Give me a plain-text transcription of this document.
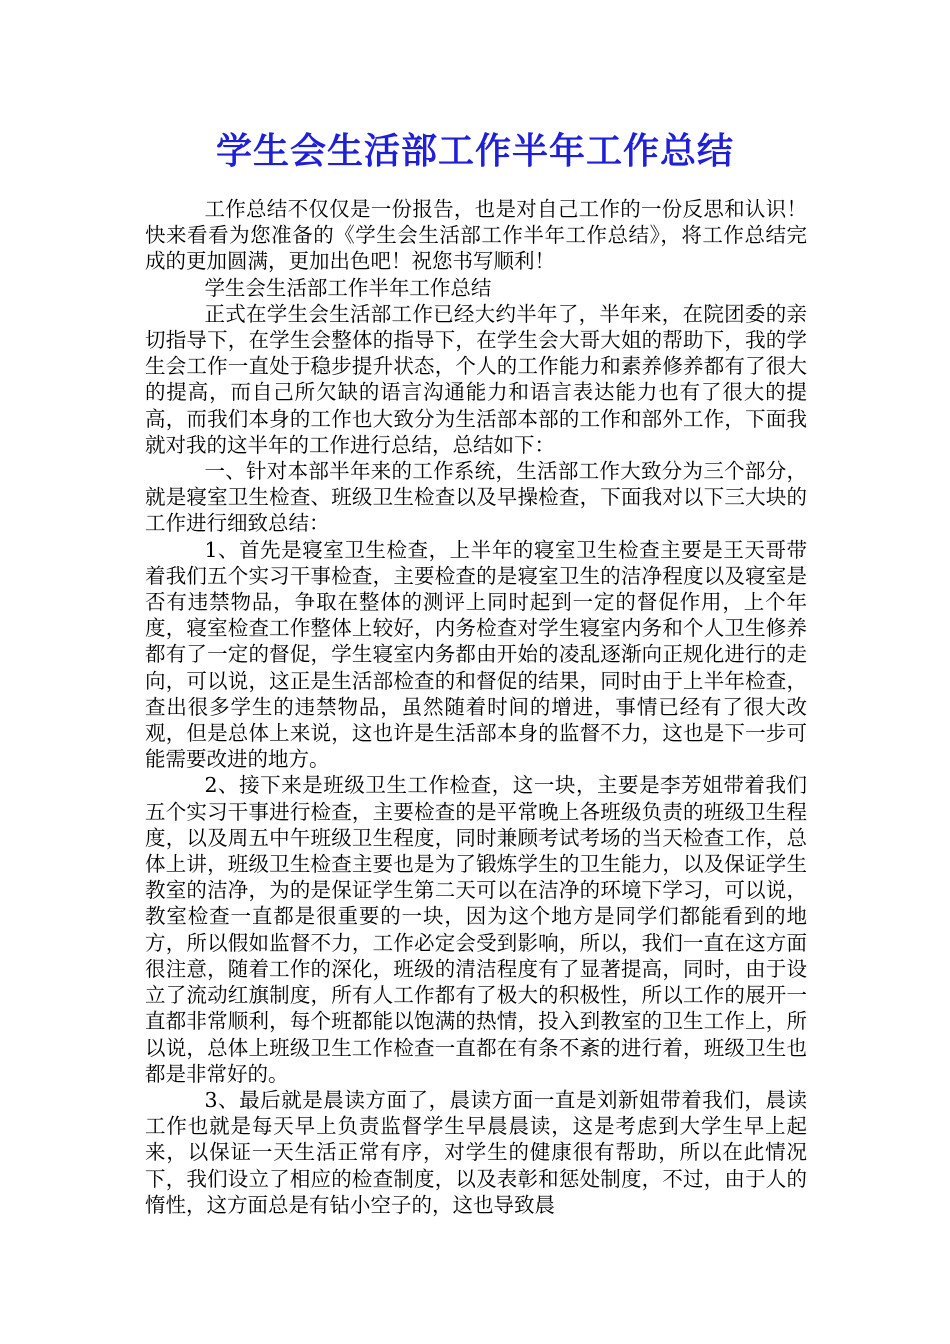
学生会生活部工作半年工作总结

工作总结不仅仅是一份报告，也是对自己工作的一份反思和认识！快来看看为您准备的《学生会生活部工作半年工作总结》，将工作总结完成的更加圆满，更加出色吧！祝您书写顺利！

学生会生活部工作半年工作总结

正式在学生会生活部工作已经大约半年了，半年来，在院团委的亲切指导下，在学生会整体的指导下，在学生会大哥大姐的帮助下，我的学生会工作一直处于稳步提升状态，个人的工作能力和素养修养都有了很大的提高，而自己所欠缺的语言沟通能力和语言表达能力也有了很大的提高，而我们本身的工作也大致分为生活部本部的工作和部外工作，下面我就对我的这半年的工作进行总结，总结如下：

一、针对本部半年来的工作系统，生活部工作大致分为三个部分，就是寝室卫生检查、班级卫生检查以及早操检查，下面我对以下三大块的工作进行细致总结：

1、首先是寝室卫生检查，上半年的寝室卫生检查主要是王天哥带着我们五个实习干事检查，主要检查的是寝室卫生的洁净程度以及寝室是否有违禁物品，争取在整体的测评上同时起到一定的督促作用，上个年度，寝室检查工作整体上较好，内务检查对学生寝室内务和个人卫生修养都有了一定的督促，学生寝室内务都由开始的凌乱逐渐向正规化进行的走向，可以说，这正是生活部检查的和督促的结果，同时由于上半年检查，查出很多学生的违禁物品，虽然随着时间的增进，事情已经有了很大改观，但是总体上来说，这也许是生活部本身的监督不力，这也是下一步可能需要改进的地方。

2、接下来是班级卫生工作检查，这一块，主要是李芳姐带着我们五个实习干事进行检查，主要检查的是平常晚上各班级负责的班级卫生程度，以及周五中午班级卫生程度，同时兼顾考试考场的当天检查工作，总体上讲，班级卫生检查主要也是为了锻炼学生的卫生能力，以及保证学生教室的洁净，为的是保证学生第二天可以在洁净的环境下学习，可以说，教室检查一直都是很重要的一块，因为这个地方是同学们都能看到的地方，所以假如监督不力，工作必定会受到影响，所以，我们一直在这方面很注意，随着工作的深化，班级的清洁程度有了显著提高，同时，由于设立了流动红旗制度，所有人工作都有了极大的积极性，所以工作的展开一直都非常顺利，每个班都能以饱满的热情，投入到教室的卫生工作上，所以说，总体上班级卫生工作检查一直都在有条不紊的进行着，班级卫生也都是非常好的。

3、最后就是晨读方面了，晨读方面一直是刘新姐带着我们，晨读工作也就是每天早上负责监督学生早晨晨读，这是考虑到大学生早上起来，以保证一天生活正常有序，对学生的健康很有帮助，所以在此情况下，我们设立了相应的检查制度，以及表彰和惩处制度，不过，由于人的惰性，这方面总是有钻小空子的，这也导致晨
